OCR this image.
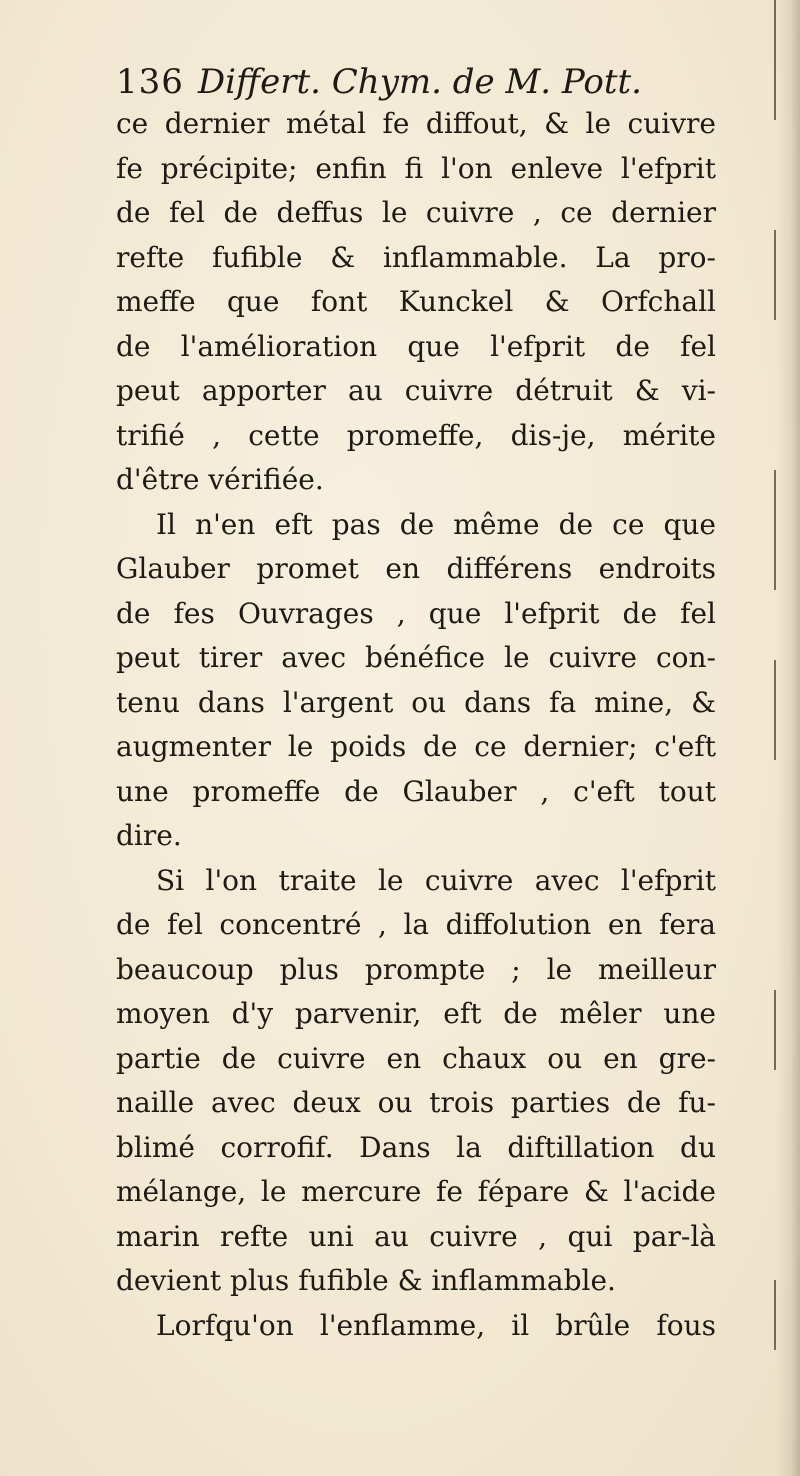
136 Differt. Chym. de M. Pott.
ce dernier métal fe diffout, & le cuivre
fe précipite; enfin fi l'on enleve l'efprit
de fel de deffus le cuivre , ce dernier
refte fufible & inflammable. La pro-
meffe que font Kunckel & Orfchall
de l'amélioration que l'efprit de fel
peut apporter au cuivre détruit & vi-
trifié , cette promeffe, dis-je, mérite
d'être vérifiée.
Il n'en eft pas de même de ce que
Glauber promet en différens endroits
de fes Ouvrages , que l'efprit de fel
peut tirer avec bénéfice le cuivre con-
tenu dans l'argent ou dans fa mine, &
augmenter le poids de ce dernier; c'eft
une promeffe de Glauber , c'eft tout
dire.
Si l'on traite le cuivre avec l'efprit
de fel concentré , la diffolution en fera
beaucoup plus prompte ; le meilleur
moyen d'y parvenir, eft de mêler une
partie de cuivre en chaux ou en gre-
naille avec deux ou trois parties de fu-
blimé corrofif. Dans la diftillation du
mélange, le mercure fe fépare & l'acide
marin refte uni au cuivre , qui par-là
devient plus fufible & inflammable.
Lorfqu'on l'enflamme, il brûle fous
